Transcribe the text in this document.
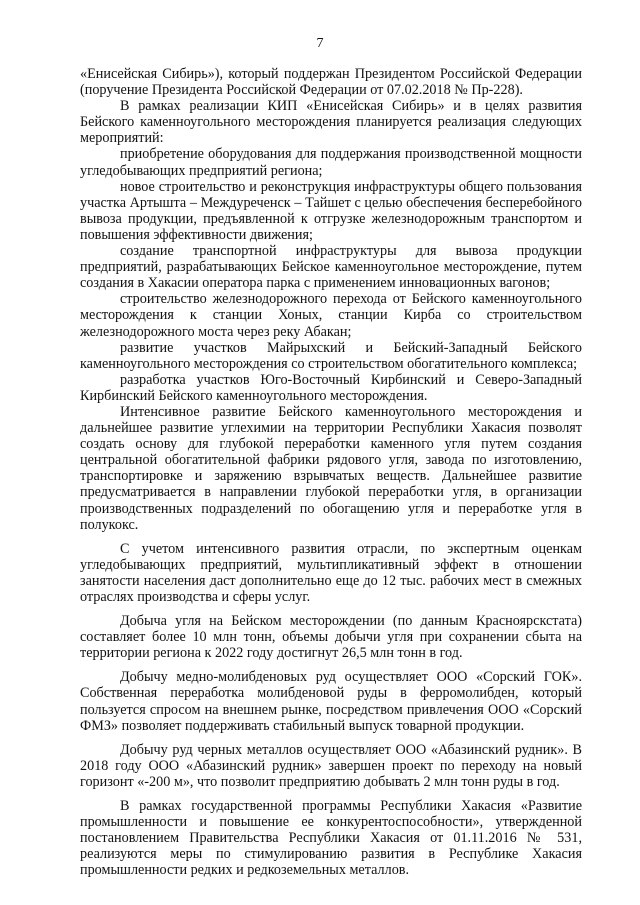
7

«Енисейская Сибирь»), который поддержан Президентом Российской Федерации (поручение Президента Российской Федерации от 07.02.2018 № Пр-228).

В рамках реализации КИП «Енисейская Сибирь» и в целях развития Бейского каменноугольного месторождения планируется реализация следующих мероприятий:

приобретение оборудования для поддержания производственной мощности угледобывающих предприятий региона;

новое строительство и реконструкция инфраструктуры общего пользования участка Артышта – Междуреченск – Тайшет с целью обеспечения бесперебойного вывоза продукции, предъявленной к отгрузке железнодорожным транспортом и повышения эффективности движения;

создание транспортной инфраструктуры для вывоза продукции предприятий, разрабатывающих Бейское каменноугольное месторождение, путем создания в Хакасии оператора парка с применением инновационных вагонов;

строительство железнодорожного перехода от Бейского каменноугольного месторождения к станции Хоных, станции Кирба со строительством железнодорожного моста через реку Абакан;

развитие участков Майрыхский и Бейский-Западный Бейского каменноугольного месторождения со строительством обогатительного комплекса;

разработка участков Юго-Восточный Кирбинский и Северо-Западный Кирбинский Бейского каменноугольного месторождения.

Интенсивное развитие Бейского каменноугольного месторождения и дальнейшее развитие углехимии на территории Республики Хакасия позволят создать основу для глубокой переработки каменного угля путем создания центральной обогатительной фабрики рядового угля, завода по изготовлению, транспортировке и заряжению взрывчатых веществ. Дальнейшее развитие предусматривается в направлении глубокой переработки угля, в организации производственных подразделений по обогащению угля и переработке угля в полукокс.

С учетом интенсивного развития отрасли, по экспертным оценкам угледобывающих предприятий, мультипликативный эффект в отношении занятости населения даст дополнительно еще до 12 тыс. рабочих мест в смежных отраслях производства и сферы услуг.

Добыча угля на Бейском месторождении (по данным Красноярскстата) составляет более 10 млн тонн, объемы добычи угля при сохранении сбыта на территории региона к 2022 году достигнут 26,5 млн тонн в год.

Добычу медно-молибденовых руд осуществляет ООО «Сорский ГОК». Собственная переработка молибденовой руды в ферромолибден, который пользуется спросом на внешнем рынке, посредством привлечения ООО «Сорский ФМЗ» позволяет поддерживать стабильный выпуск товарной продукции.

Добычу руд черных металлов осуществляет ООО «Абазинский рудник». В 2018 году ООО «Абазинский рудник» завершен проект по переходу на новый горизонт «-200 м», что позволит предприятию добывать 2 млн тонн руды в год.

В рамках государственной программы Республики Хакасия «Развитие промышленности и повышение ее конкурентоспособности», утвержденной постановлением Правительства Республики Хакасия от 01.11.2016 № 531, реализуются меры по стимулированию развития в Республике Хакасия промышленности редких и редкоземельных металлов.
